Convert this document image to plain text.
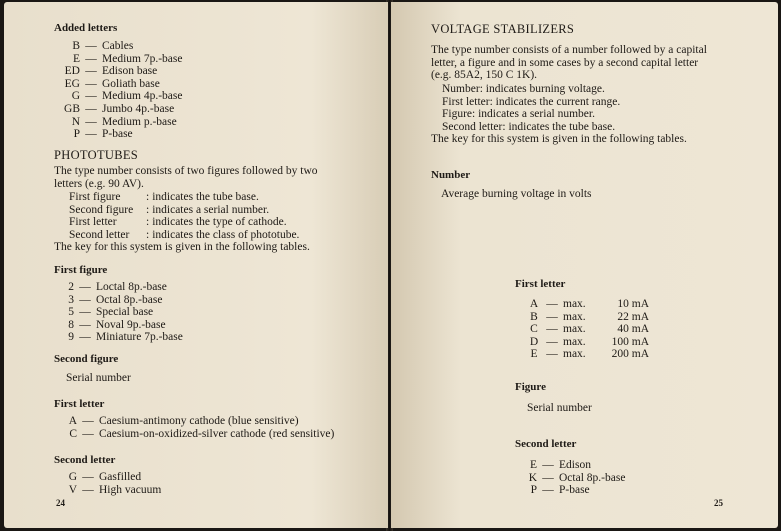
Added letters
B — Cables
E — Medium 7p.-base
ED — Edison base
EG — Goliath base
G — Medium 4p.-base
GB — Jumbo 4p.-base
N — Medium p.-base
P — P-base
PHOTOTUBES
The type number consists of two figures followed by two
letters (e.g. 90 AV).
First figure	: indicates the tube base.
Second figure	: indicates a serial number.
First letter	: indicates the type of cathode.
Second letter	: indicates the class of phototube.
The key for this system is given in the following tables.
First figure
2 — Loctal 8p.-base
3 — Octal 8p.-base
5 — Special base
8 — Noval 9p.-base
9 — Miniature 7p.-base
Second figure
Serial number
First letter
A — Caesium-antimony cathode (blue sensitive)
C — Caesium-on-oxidized-silver cathode (red sensitive)
Second letter
G — Gasfilled
V — High vacuum
24
VOLTAGE STABILIZERS
The type number consists of a number followed by a capital
letter, a figure and in some cases by a second capital letter
(e.g. 85A2, 150 C 1K).
Number: indicates burning voltage.
First letter: indicates the current range.
Figure: indicates a serial number.
Second letter: indicates the tube base.
The key for this system is given in the following tables.
Number
Average burning voltage in volts
First letter
A — max.	10 mA
B — max.	22 mA
C — max.	40 mA
D — max.	100 mA
E — max.	200 mA
Figure
Serial number
Second letter
E — Edison
K — Octal 8p.-base
P — P-base
25
